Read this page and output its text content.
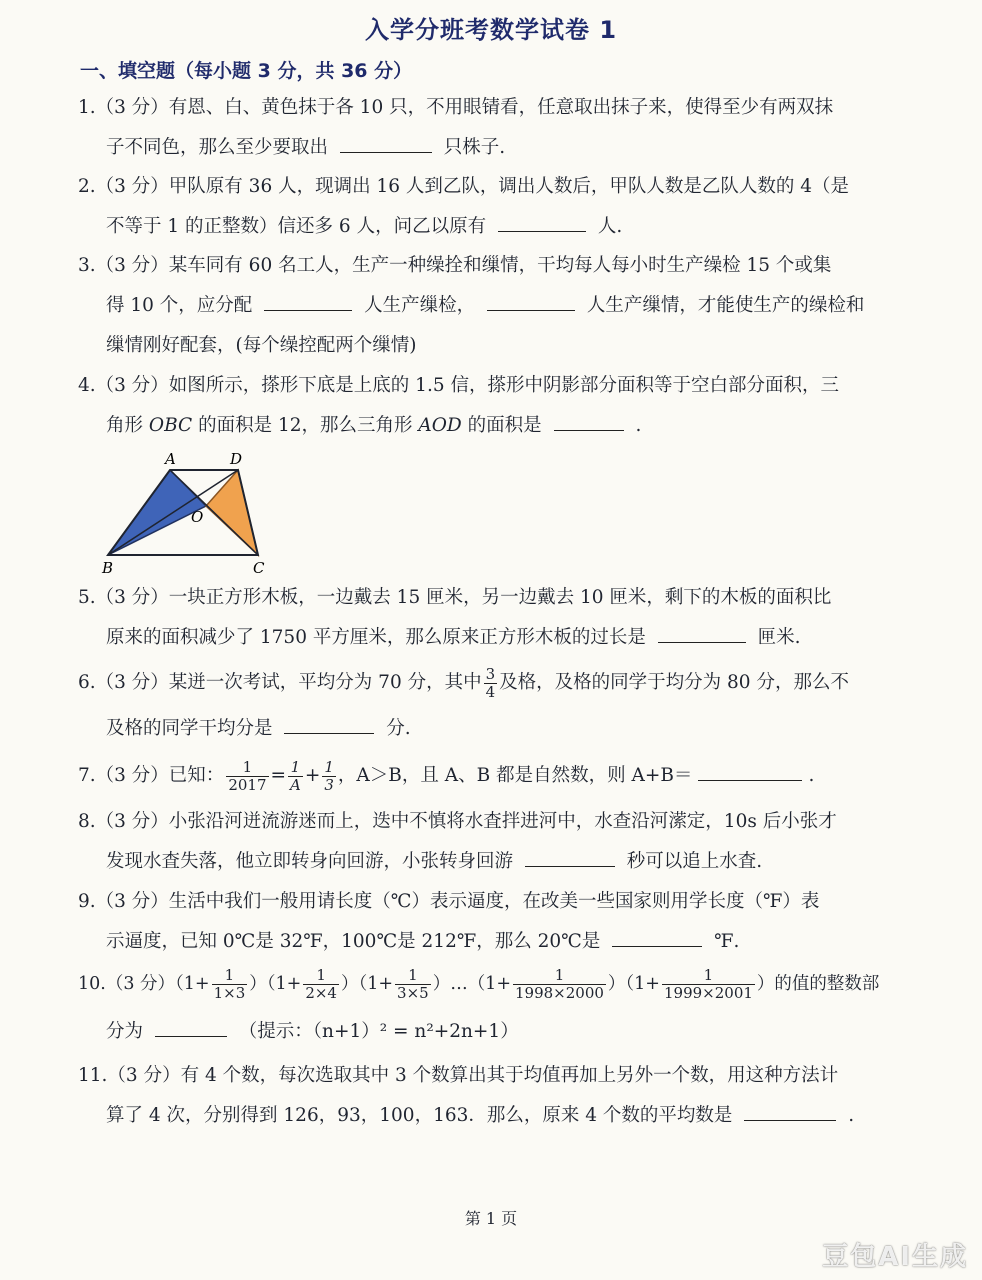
入学分班考数学试卷 1
一、填空题（每小题 3 分，共 36 分）
1.（3 分）有恩、白、黄色抹于各 10 只，不用眼锖看，任意取出抹子来，使得至少有两双抹
子不同色，那么至少要取出	只株子.
2.（3 分）甲队原有 36 人，现调出 16 人到乙队，调出人数后，甲队人数是乙队人数的 4（是
不等于 1 的正整数）信还多 6 人，问乙以原有	人.
3.（3 分）某车同有 60 名工人，生产一种缲拴和缫情，干均每人每小时生产缲检 15 个或集
得 10 个，应分配	人生产缫检，	人生产缫情，才能使生产的缲检和
缫情刚好配套，(每个缲控配两个缫情)
4.（3 分）如图所示，搽形下底是上底的 1.5 信，搽形中阴影部分面积等于空白部分面积，三
角形 OBC 的面积是 12，那么三角形 AOD 的面积是	.
A	D
O
B	C
5.（3 分）一块正方形木板，一边戴去 15 匣米，另一边戴去 10 匣米，剩下的木板的面积比
原来的面积减少了 1750 平方厘米，那么原来正方形木板的过长是	匣米.
6.（3 分）某迸一次考试，平均分为 70 分，其中 $\frac{3}{4}$ 及格，及格的同学于均分为 80 分，那么不
及格的同学干均分是	分.
7.（3 分）已知： $\frac{1}{2017} = \frac{1}{A} + \frac{1}{3}$ ，A＞B，且 A、B 都是自然数，则 A+B＝	.
8.（3 分）小张沿河迸流游迷而上，迭中不慎将水査拌进河中，水查沿河潆定，10s 后小张才
发现水査失落，他立即转身向回游，小张转身回游	秒可以追上水査.
9.（3 分）生活中我们一般用请长度（℃）表示逼度，在改美一些国家则用学长度（℉）表
示逼度，已知 0℃是 32℉，100℃是 212℉，那么 20℃是	℉.
10.（3 分）$(1+ \frac{1}{1\times 3} )(1+ \frac{1}{2\times 4} )(1+ \frac{1}{3\times 5}$ ）…（1+ $\frac{1}{1998\times 2000} )(1+ \frac{1}{1999\times 2001}$ ）的值的整数部
分为	（提示：（n+1）² = n²+2n+1）
11.（3 分）有 4 个数，每次选取其中 3 个数算出其于均值再加上另外一个数，用这种方法计
算了 4 次，分别得到 126，93，100，163．那么，原来 4 个数的平均数是	.
第 1 页
豆包AI生成
